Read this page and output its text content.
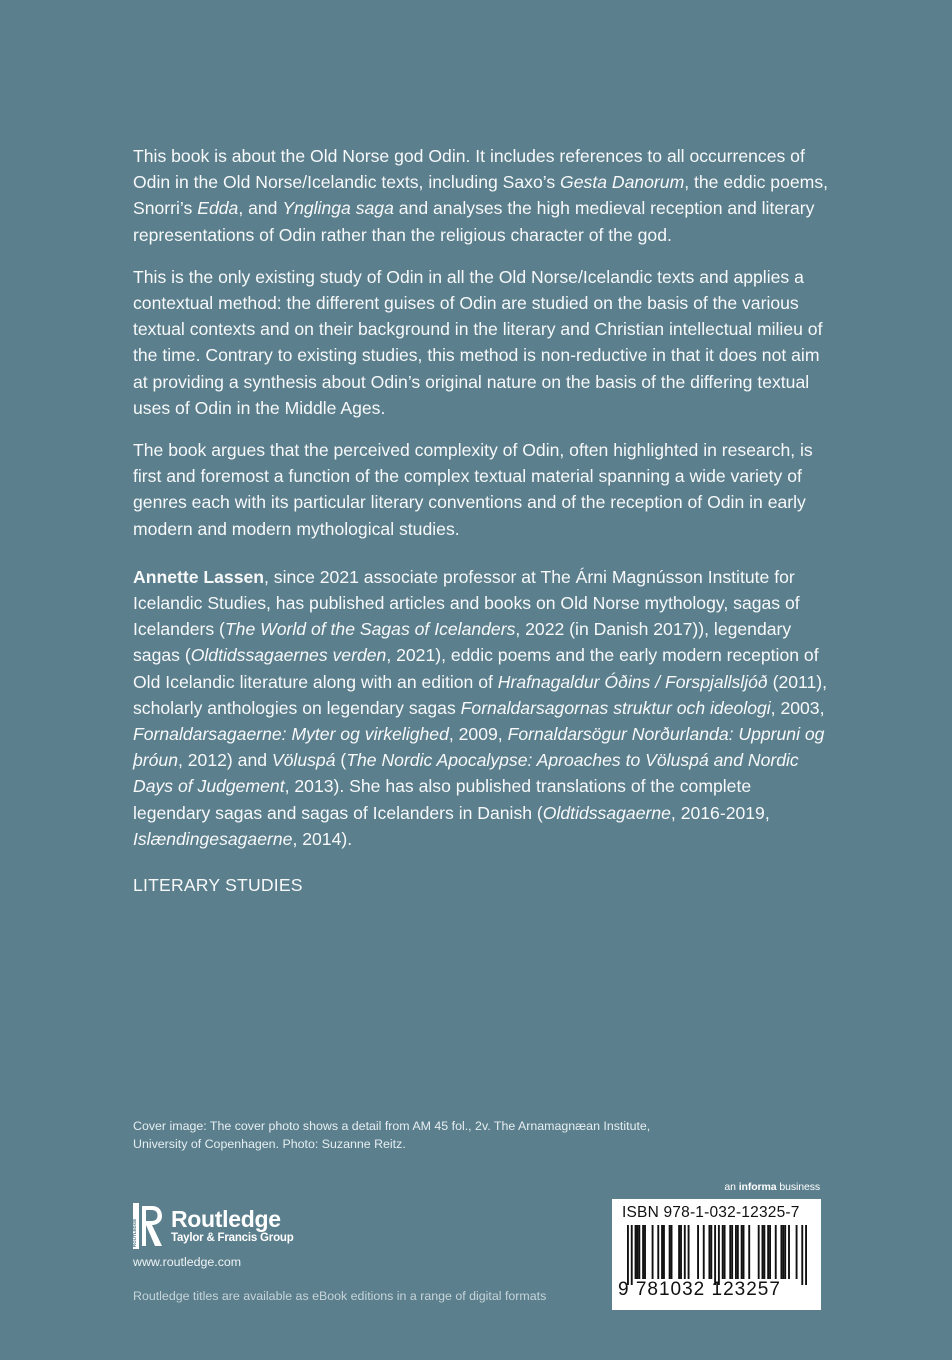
This book is about the Old Norse god Odin. It includes references to all occurrences of Odin in the Old Norse/Icelandic texts, including Saxo’s Gesta Danorum, the eddic poems, Snorri’s Edda, and Ynglinga saga and analyses the high medieval reception and literary representations of Odin rather than the religious character of the god.

This is the only existing study of Odin in all the Old Norse/Icelandic texts and applies a contextual method: the different guises of Odin are studied on the basis of the various textual contexts and on their background in the literary and Christian intellectual milieu of the time. Contrary to existing studies, this method is non-reductive in that it does not aim at providing a synthesis about Odin’s original nature on the basis of the differing textual uses of Odin in the Middle Ages.

The book argues that the perceived complexity of Odin, often highlighted in research, is first and foremost a function of the complex textual material spanning a wide variety of genres each with its particular literary conventions and of the reception of Odin in early modern and modern mythological studies.

Annette Lassen, since 2021 associate professor at The Árni Magnússon Institute for Icelandic Studies, has published articles and books on Old Norse mythology, sagas of Icelanders (The World of the Sagas of Icelanders, 2022 (in Danish 2017)), legendary sagas (Oldtidssagaernes verden, 2021), eddic poems and the early modern reception of Old Icelandic literature along with an edition of Hrafnagaldur Óðins / Forspjallsljóð (2011), scholarly anthologies on legendary sagas Fornaldarsagornas struktur och ideologi, 2003, Fornaldarsagaerne: Myter og virkelighed, 2009, Fornaldarsögur Norðurlanda: Uppruni og þróun, 2012) and Völuspá (The Nordic Apocalypse: Aproaches to Völuspá and Nordic Days of Judgement, 2013). She has also published translations of the complete legendary sagas and sagas of Icelanders in Danish (Oldtidssagaerne, 2016-2019, Islændingesagaerne, 2014).

LITERARY STUDIES
Cover image: The cover photo shows a detail from AM 45 fol., 2v. The Arnamagnæan Institute,
University of Copenhagen. Photo: Suzanne Reitz.
ROUTLEDGE Routledge
Taylor & Francis Group
www.routledge.com
Routledge titles are available as eBook editions in a range of digital formats
an informa business
ISBN 978-1-032-12325-7
9 781032 123257
